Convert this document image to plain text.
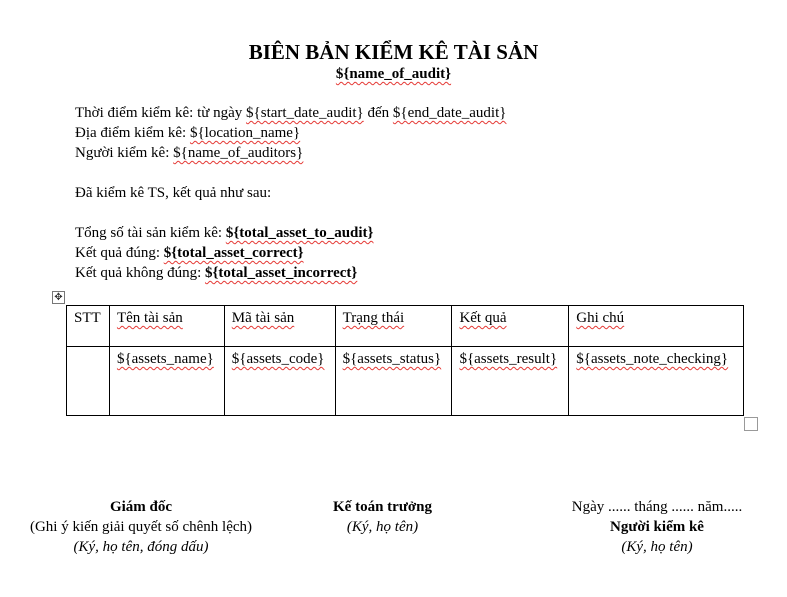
BIÊN BẢN KIỂM KÊ TÀI SẢN
${name_of_audit}
Thời điểm kiểm kê: từ ngày ${start_date_audit} đến ${end_date_audit}
Địa điểm kiểm kê: ${location_name}
Người kiểm kê: ${name_of_auditors}
Đã kiểm kê TS, kết quả như sau:
Tổng số tài sản kiểm kê: ${total_asset_to_audit}
Kết quả đúng: ${total_asset_correct}
Kết quả không đúng: ${total_asset_incorrect}
✥
STT	Tên tài sản	Mã tài sản	Trạng thái	Kết quả	Ghi chú
	${assets_name}	${assets_code}	${assets_status}	${assets_result}	${assets_note_checking}
Giám đốc
(Ghi ý kiến giải quyết số chênh lệch)
(Ký, họ tên, đóng dấu)
Kế toán trưởng
(Ký, họ tên)
Ngày ...... tháng ...... năm.....
Người kiểm kê
(Ký, họ tên)
